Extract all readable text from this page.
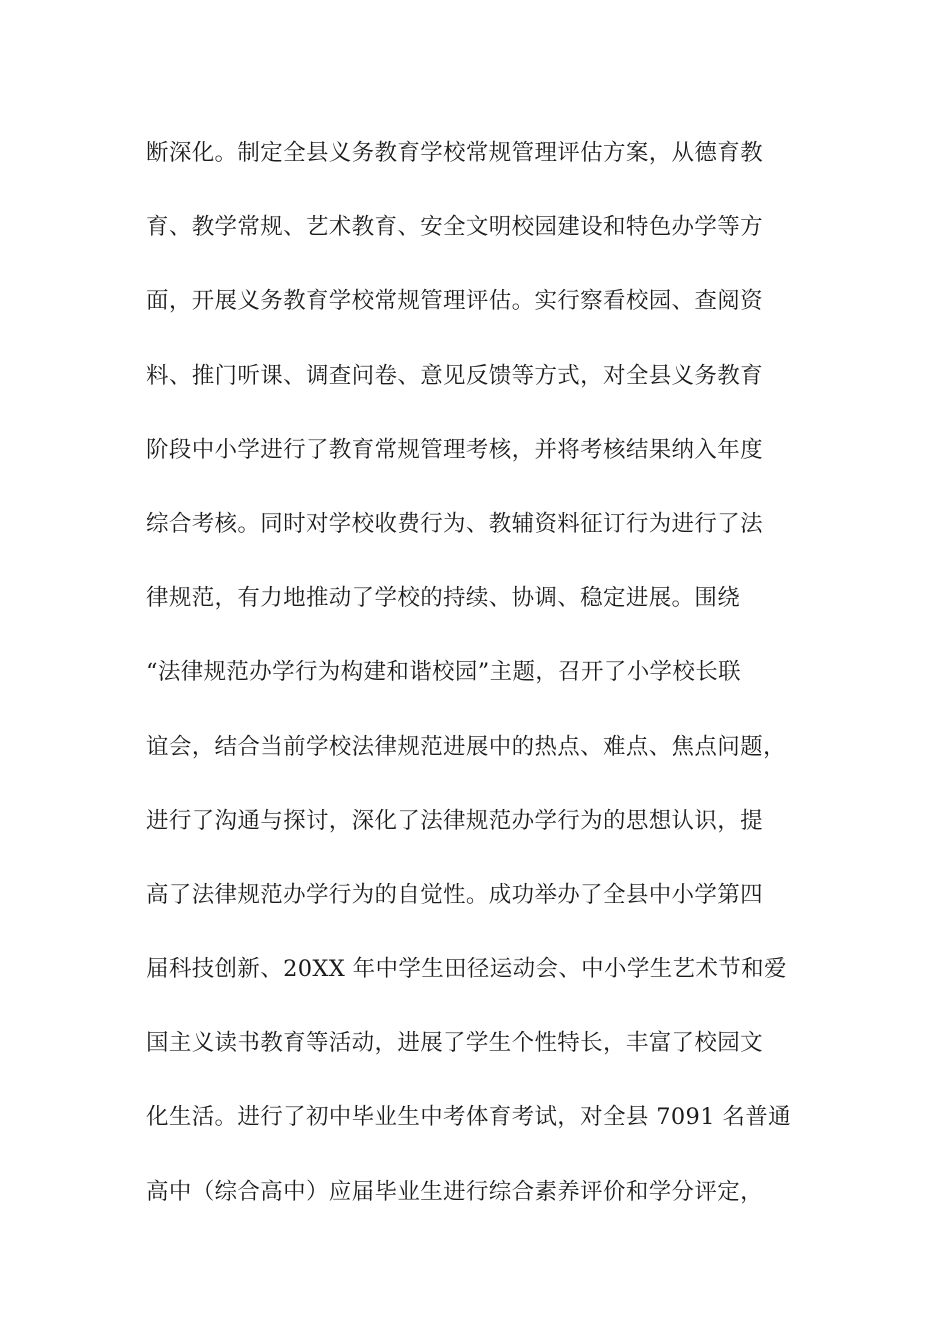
断深化。制定全县义务教育学校常规管理评估方案，从德育教
育、教学常规、艺术教育、安全文明校园建设和特色办学等方
面，开展义务教育学校常规管理评估。实行察看校园、查阅资
料、推门听课、调查问卷、意见反馈等方式，对全县义务教育
阶段中小学进行了教育常规管理考核，并将考核结果纳入年度
综合考核。同时对学校收费行为、教辅资料征订行为进行了法
律规范，有力地推动了学校的持续、协调、稳定进展。围绕
“法律规范办学行为构建和谐校园”主题，召开了小学校长联
谊会，结合当前学校法律规范进展中的热点、难点、焦点问题，
进行了沟通与探讨，深化了法律规范办学行为的思想认识，提
高了法律规范办学行为的自觉性。成功举办了全县中小学第四
届科技创新、20XX 年中学生田径运动会、中小学生艺术节和爱
国主义读书教育等活动，进展了学生个性特长，丰富了校园文
化生活。进行了初中毕业生中考体育考试，对全县 7091 名普通
高中（综合高中）应届毕业生进行综合素养评价和学分评定，
